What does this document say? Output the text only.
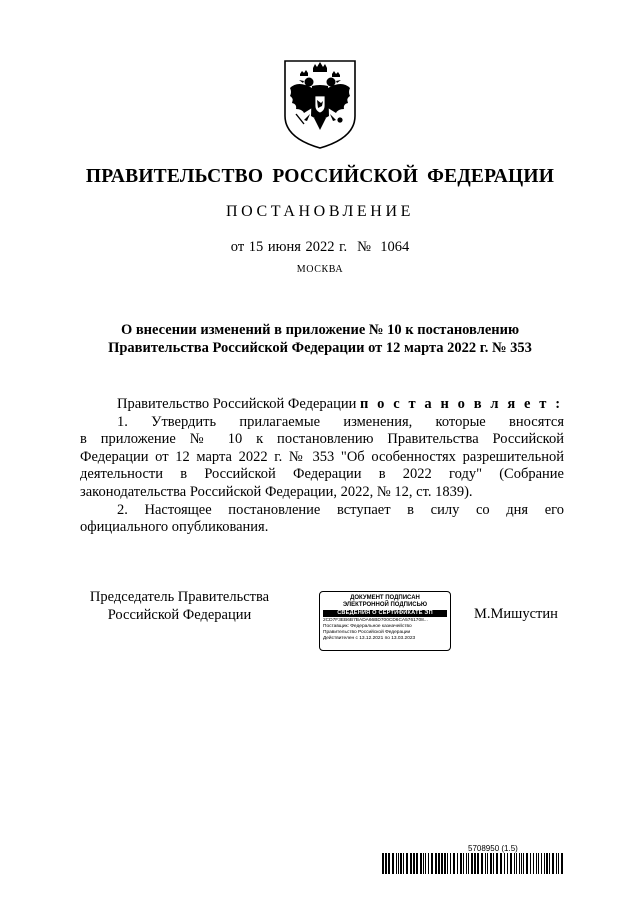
ПРАВИТЕЛЬСТВО РОССИЙСКОЙ ФЕДЕРАЦИИ
ПОСТАНОВЛЕНИЕ
от 15 июня 2022 г. № 1064
МОСКВА
О внесении изменений в приложение № 10 к постановлению
Правительства Российской Федерации от 12 марта 2022 г. № 353

Правительство Российской Федерации п о с т а н о в л я е т :

1. Утвердить прилагаемые изменения, которые вносятся
в приложение № 10 к постановлению Правительства Российской
Федерации от 12 марта 2022 г. № 353 "Об особенностях разрешительной
деятельности в Российской Федерации в 2022 году" (Собрание
законодательства Российской Федерации, 2022, № 12, ст. 1839).
2. Настоящее постановление вступает в силу со дня его
официального опубликования.
Председатель Правительства
Российской Федерации
ДОКУМЕНТ ПОДПИСАН
ЭЛЕКТРОННОЙ ПОДПИСЬЮ
СВЕДЕНИЯ О СЕРТИФИКАТЕ ЭП
2CD7F3EB6B7BADA66BD700CD6CA5761708...
Поставщик: Федеральное казначейство
Правительство Российской Федерации
Действителен с 13.12.2021 по 13.03.2023
М.Мишустин
5708950 (1.5)
